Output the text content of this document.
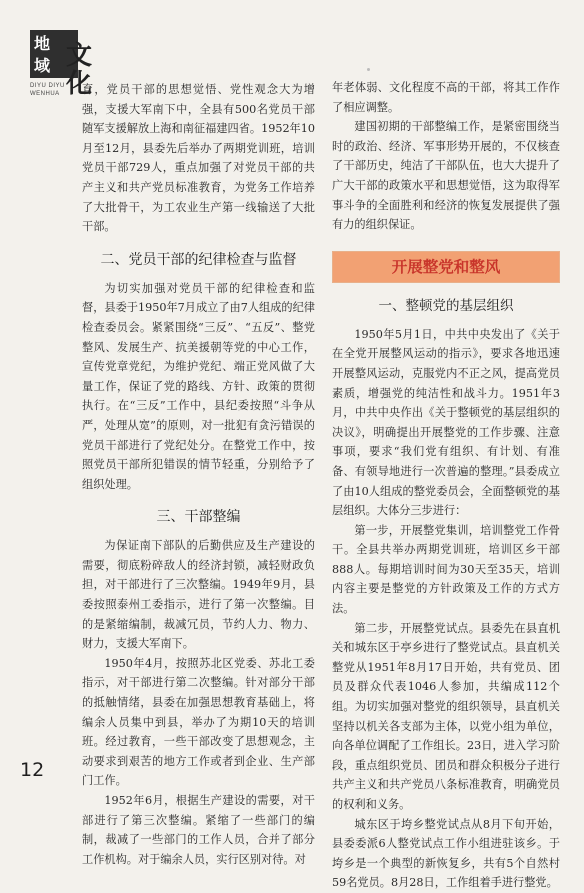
地
域 文化
DIYU DIYU WENHUA	育，党员干部的思想觉悟、党性观念大为增强，支援大军南下中，全县有500名党员干部随军支援解放上海和南征福建四省。1952年10月至12月，县委先后举办了两期党训班，培训党员干部729人，重点加强了对党员干部的共产主义和共产党员标准教育，为党务工作培养了大批骨干，为工农业生产第一线输送了大批干部。

二、党员干部的纪律检查与监督

为切实加强对党员干部的纪律检查和监督，县委于1950年7月成立了由7人组成的纪律检查委员会。紧紧围绕“三反”、“五反”、整党整风、发展生产、抗美援朝等党的中心工作，宣传党章党纪，为维护党纪、端正党风做了大量工作，保证了党的路线、方针、政策的贯彻执行。在“三反”工作中，县纪委按照“斗争从严，处理从宽”的原则，对一批犯有贪污错误的党员干部进行了党纪处分。在整党工作中，按照党员干部所犯错误的情节轻重，分别给予了组织处理。

三、干部整编

为保证南下部队的后勤供应及生产建设的需要，彻底粉碎敌人的经济封锁，减轻财政负担，对干部进行了三次整编。1949年9月，县委按照泰州工委指示，进行了第一次整编。目的是紧缩编制，裁减冗员，节约人力、物力、财力，支援大军南下。

1950年4月，按照苏北区党委、苏北工委指示，对干部进行第二次整编。针对部分干部的抵触情绪，县委在加强思想教育基础上，将编余人员集中到县，举办了为期10天的培训班。经过教育，一些干部改变了思想观念，主动要求到艰苦的地方工作或者到企业、生产部门工作。

1952年6月，根据生产建设的需要，对干部进行了第三次整编。紧缩了一些部门的编制，裁减了一些部门的工作人员，合并了部分工作机构。对于编余人员，实行区别对待。对

年老体弱、文化程度不高的干部，将其工作作了相应调整。

建国初期的干部整编工作，是紧密围绕当时的政治、经济、军事形势开展的，不仅核查了干部历史，纯洁了干部队伍，也大大提升了广大干部的政策水平和思想觉悟，这为取得军事斗争的全面胜利和经济的恢复发展提供了强有力的组织保证。

开展整党和整风
一、整顿党的基层组织

1950年5月1日，中共中央发出了《关于在全党开展整风运动的指示》，要求各地迅速开展整风运动，克服党内不正之风，提高党员素质，增强党的纯洁性和战斗力。1951年3月，中共中央作出《关于整顿党的基层组织的决议》，明确提出开展整党的工作步骤、注意事项，要求“我们党有组织、有计划、有准备、有领导地进行一次普遍的整理。”县委成立了由10人组成的整党委员会，全面整顿党的基层组织。大体分三步进行：

第一步，开展整党集训，培训整党工作骨干。全县共举办两期党训班，培训区乡干部888人。每期培训时间为30天至35天，培训内容主要是整党的方针政策及工作的方式方法。

第二步，开展整党试点。县委先在县直机关和城东区于亭乡进行了整党试点。县直机关整党从1951年8月17日开始，共有党员、团员及群众代表1046人参加，共编成112个组。为切实加强对整党的组织领导，县直机关坚持以机关各支部为主体，以党小组为单位，向各单位调配了工作组长。23日，进入学习阶段，重点组织党员、团员和群众积极分子进行共产主义和共产党员八条标准教育，明确党员的权利和义务。

城东区于垮乡整党试点从8月下旬开始，县委委派6人整党试点工作小组进驻该乡。于垮乡是一个典型的新恢复乡，共有5个自然村59名党员。8月28日，工作组着手进行整党。

12
